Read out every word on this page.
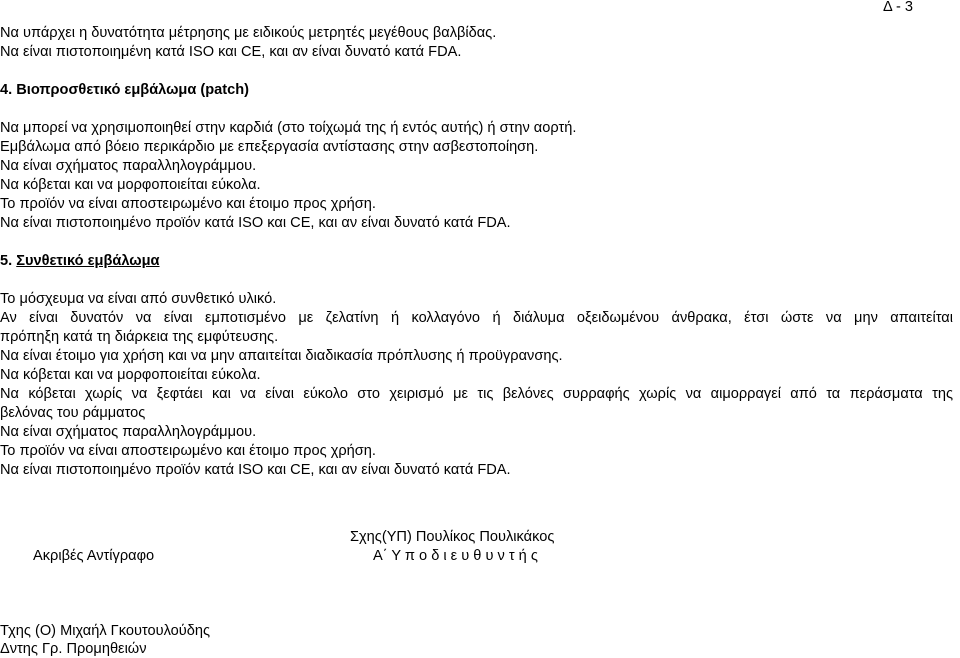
Δ - 3
Να υπάρχει η δυνατότητα μέτρησης με ειδικούς μετρητές μεγέθους βαλβίδας.
Να είναι πιστοποιημένη κατά ISO και CE, και αν είναι δυνατό κατά FDA.
4. Βιοπροσθετικό εμβάλωμα (patch)
Να μπορεί να χρησιμοποιηθεί στην καρδιά (στο τοίχωμά της ή εντός αυτής) ή στην αορτή.
Εμβάλωμα από βόειο περικάρδιο με επεξεργασία αντίστασης στην ασβεστοποίηση.
Να είναι σχήματος παραλληλογράμμου.
Να κόβεται και να μορφοποιείται εύκολα.
Το προϊόν να είναι αποστειρωμένο και έτοιμο προς χρήση.
Να είναι πιστοποιημένο προϊόν κατά ISO και CE, και αν είναι δυνατό κατά FDA.
5. Συνθετικό εμβάλωμα
Το μόσχευμα να είναι από συνθετικό υλικό.
Αν είναι δυνατόν να είναι εμποτισμένο με ζελατίνη ή κολλαγόνο ή διάλυμα οξειδωμένου άνθρακα, έτσι ώστε να μην απαιτείται
πρόπηξη κατά τη διάρκεια της εμφύτευσης.
Να είναι έτοιμο για χρήση και να μην απαιτείται διαδικασία πρόπλυσης ή προϋγρανσης.
Να κόβεται και να μορφοποιείται εύκολα.
Να κόβεται χωρίς να ξεφτάει και να είναι εύκολο στο χειρισμό με τις βελόνες συρραφής χωρίς να αιμορραγεί από τα περάσματα της
βελόνας του ράμματος
Να είναι σχήματος παραλληλογράμμου.
Το προϊόν να είναι αποστειρωμένο και έτοιμο προς χρήση.
Να είναι πιστοποιημένο προϊόν κατά ISO και CE, και αν είναι δυνατό κατά FDA.
Σχης(ΥΠ) Πουλίκος Πουλικάκος
Ακριβές Αντίγραφο	Α΄ Υ π ο δ ι ε υ θ υ ν τ ή ς
Τχης (Ο) Μιχαήλ Γκουτουλούδης
Δντης Γρ. Προμηθειών
